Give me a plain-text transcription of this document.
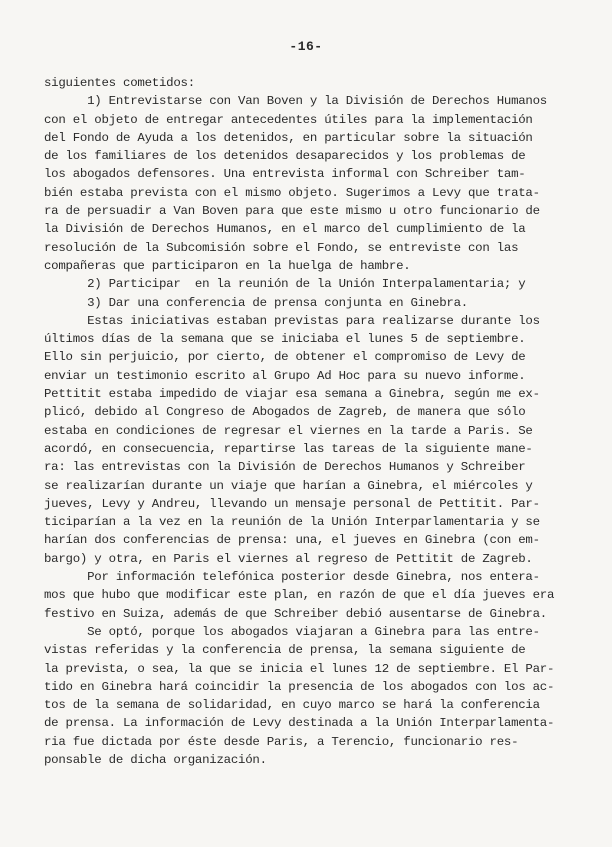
-16-
siguientes cometidos:
1) Entrevistarse con Van Boven y la División de Derechos Humanos
con el objeto de entregar antecedentes útiles para la implementación
del Fondo de Ayuda a los detenidos, en particular sobre la situación
de los familiares de los detenidos desaparecidos y los problemas de
los abogados defensores. Una entrevista informal con Schreiber tam-
bién estaba prevista con el mismo objeto. Sugerimos a Levy que trata-
ra de persuadir a Van Boven para que este mismo u otro funcionario de
la División de Derechos Humanos, en el marco del cumplimiento de la
resolución de la Subcomisión sobre el Fondo, se entreviste con las
compañeras que participaron en la huelga de hambre.
2) Participar  en la reunión de la Unión Interpalamentaria; y
3) Dar una conferencia de prensa conjunta en Ginebra.
Estas iniciativas estaban previstas para realizarse durante los
últimos días de la semana que se iniciaba el lunes 5 de septiembre.
Ello sin perjuicio, por cierto, de obtener el compromiso de Levy de
enviar un testimonio escrito al Grupo Ad Hoc para su nuevo informe.
Pettitit estaba impedido de viajar esa semana a Ginebra, según me ex-
plicó, debido al Congreso de Abogados de Zagreb, de manera que sólo
estaba en condiciones de regresar el viernes en la tarde a Paris. Se
acordó, en consecuencia, repartirse las tareas de la siguiente mane-
ra: las entrevistas con la División de Derechos Humanos y Schreiber
se realizarían durante un viaje que harían a Ginebra, el miércoles y
jueves, Levy y Andreu, llevando un mensaje personal de Pettitit. Par-
ticiparían a la vez en la reunión de la Unión Interparlamentaria y se
harían dos conferencias de prensa: una, el jueves en Ginebra (con em-
bargo) y otra, en Paris el viernes al regreso de Pettitit de Zagreb.
Por información telefónica posterior desde Ginebra, nos entera-
mos que hubo que modificar este plan, en razón de que el día jueves era
festivo en Suiza, además de que Schreiber debió ausentarse de Ginebra.
Se optó, porque los abogados viajaran a Ginebra para las entre-
vistas referidas y la conferencia de prensa, la semana siguiente de
la prevista, o sea, la que se inicia el lunes 12 de septiembre. El Par-
tido en Ginebra hará coincidir la presencia de los abogados con los ac-
tos de la semana de solidaridad, en cuyo marco se hará la conferencia
de prensa. La información de Levy destinada a la Unión Interparlamenta-
ria fue dictada por éste desde Paris, a Terencio, funcionario res-
ponsable de dicha organización.
